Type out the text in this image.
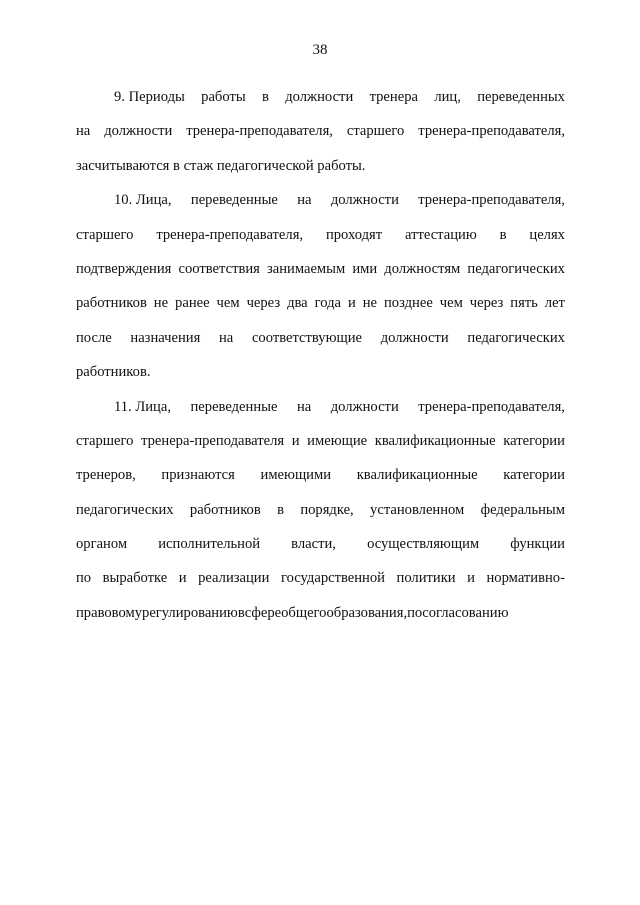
38
9. Периоды работы в должности тренера лиц, переведенных
на должности тренера-преподавателя, старшего тренера-преподавателя,
засчитываются в стаж педагогической работы.
10. Лица, переведенные на должности тренера-преподавателя,
старшего тренера-преподавателя, проходят аттестацию в целях
подтверждения соответствия занимаемым ими должностям педагогических
работников не ранее чем через два года и не позднее чем через пять лет
после назначения на соответствующие должности педагогических
работников.
11. Лица, переведенные на должности тренера-преподавателя,
старшего тренера-преподавателя и имеющие квалификационные категории
тренеров, признаются имеющими квалификационные категории
педагогических работников в порядке, установленном федеральным
органом исполнительной власти, осуществляющим функции
по выработке и реализации государственной политики и нормативно-
правовому регулированию в сфере общего образования, по согласованию
